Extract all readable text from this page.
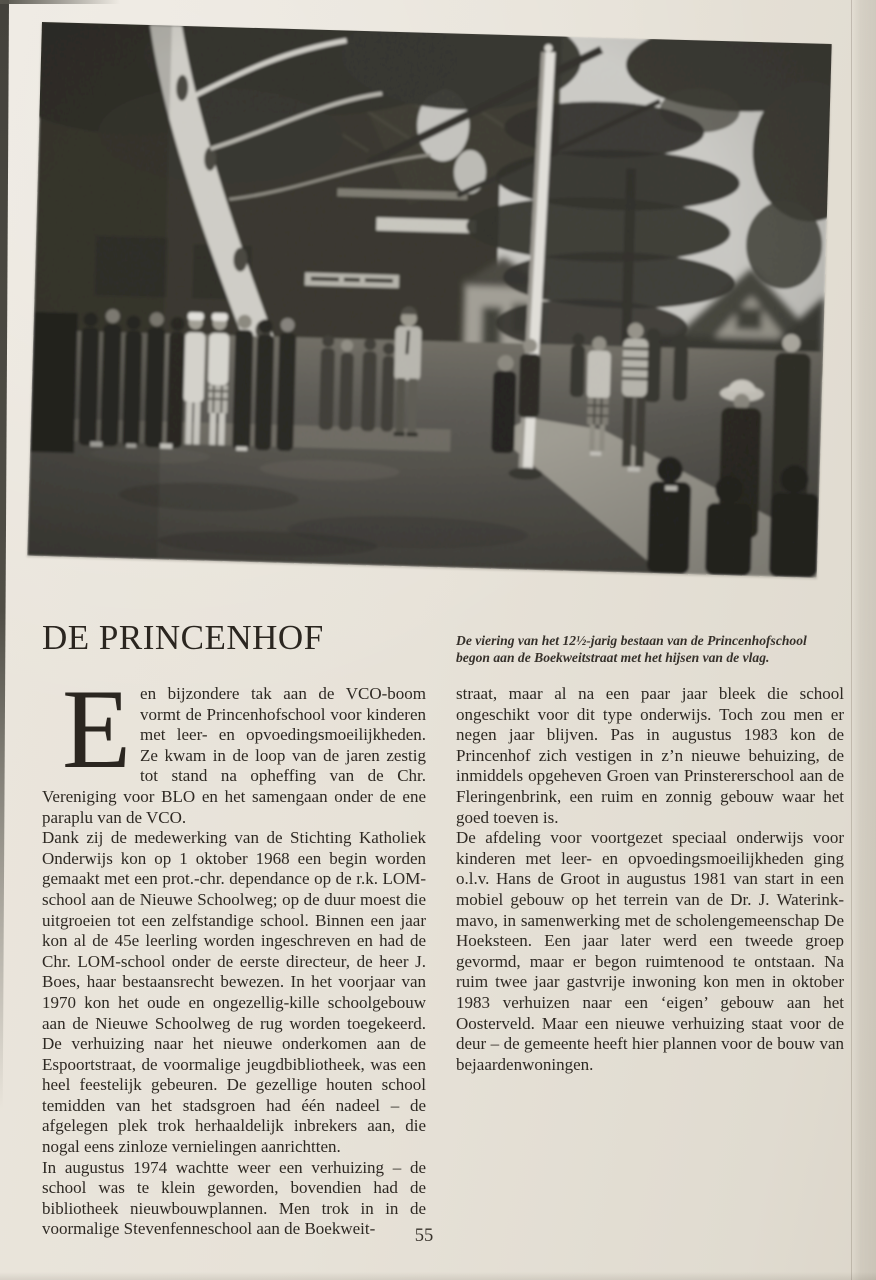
DE PRINCENHOF	De viering van het 12½-jarig bestaan van de Princenhofschool begon aan de Boekweitstraat met het hijsen van de vlag.

Een bijzondere tak aan de VCO-boom vormt de Princenhofschool voor kinderen met leer- en opvoedingsmoeilijkheden. Ze kwam in de loop van de jaren zestig tot stand na opheffing van de Chr. Vereniging voor BLO en het samengaan onder de ene paraplu van de VCO.

Dank zij de medewerking van de Stichting Katholiek Onderwijs kon op 1 oktober 1968 een begin worden gemaakt met een prot.-chr. dependance op de r.k. LOM-school aan de Nieuwe Schoolweg; op de duur moest die uitgroeien tot een zelfstandige school. Binnen een jaar kon al de 45e leerling worden ingeschreven en had de Chr. LOM-school onder de eerste directeur, de heer J. Boes, haar bestaansrecht bewezen. In het voorjaar van 1970 kon het oude en ongezellig-kille schoolgebouw aan de Nieuwe Schoolweg de rug worden toegekeerd. De verhuizing naar het nieuwe onderkomen aan de Espoortstraat, de voormalige jeugdbibliotheek, was een heel feestelijk gebeuren. De gezellige houten school temidden van het stadsgroen had één nadeel – de afgelegen plek trok herhaaldelijk inbrekers aan, die nogal eens zinloze vernielingen aanrichtten.

In augustus 1974 wachtte weer een verhuizing – de school was te klein geworden, bovendien had de bibliotheek nieuwbouwplannen. Men trok in in de voormalige Stevenfenneschool aan de Boekweit-

straat, maar al na een paar jaar bleek die school ongeschikt voor dit type onderwijs. Toch zou men er negen jaar blijven. Pas in augustus 1983 kon de Princenhof zich vestigen in z’n nieuwe behuizing, de inmiddels opgeheven Groen van Prinstererschool aan de Fleringenbrink, een ruim en zonnig gebouw waar het goed toeven is.

De afdeling voor voortgezet speciaal onderwijs voor kinderen met leer- en opvoedingsmoeilijkheden ging o.l.v. Hans de Groot in augustus 1981 van start in een mobiel gebouw op het terrein van de Dr. J. Waterink-mavo, in samenwerking met de scholengemeenschap De Hoeksteen. Een jaar later werd een tweede groep gevormd, maar er begon ruimtenood te ontstaan. Na ruim twee jaar gastvrije inwoning kon men in oktober 1983 verhuizen naar een ‘eigen’ gebouw aan het Oosterveld. Maar een nieuwe verhuizing staat voor de deur – de gemeente heeft hier plannen voor de bouw van bejaardenwoningen.

55
